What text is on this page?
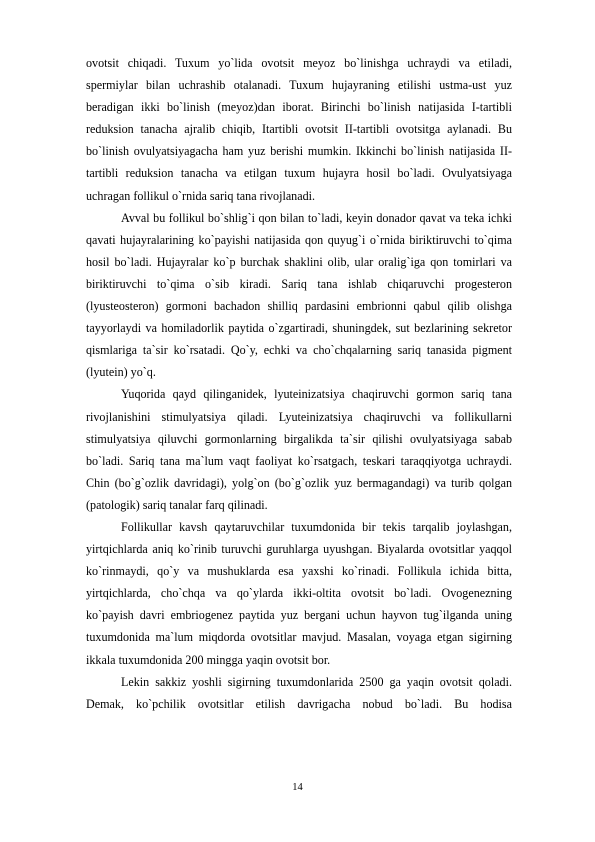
ovotsit chiqadi. Tuxum yo`lida ovotsit meyoz bo`linishga uchraydi va etiladi, spermiylar bilan uchrashib otalanadi. Tuxum hujayraning etilishi ustma-ust yuz beradigan ikki bo`linish (meyoz)dan iborat. Birinchi bo`linish natijasida I-tartibli reduksion tanacha ajralib chiqib, Itartibli ovotsit II-tartibli ovotsitga aylanadi. Bu bo`linish ovulyatsiyagacha ham yuz berishi mumkin. Ikkinchi bo`linish natijasida II-tartibli reduksion tanacha va etilgan tuxum hujayra hosil bo`ladi. Ovulyatsiyaga uchragan follikul o`rnida sariq tana rivojlanadi.

Avval bu follikul bo`shlig`i qon bilan to`ladi, keyin donador qavat va teka ichki qavati hujayralarining ko`payishi natijasida qon quyug`i o`rnida biriktiruvchi to`qima hosil bo`ladi. Hujayralar ko`p burchak shaklini olib, ular oralig`iga qon tomirlari va biriktiruvchi to`qima o`sib kiradi. Sariq tana ishlab chiqaruvchi progesteron (lyusteosteron) gormoni bachadon shilliq pardasini embrionni qabul qilib olishga tayyorlaydi va homiladorlik paytida o`zgartiradi, shuningdek, sut bezlarining sekretor qismlariga ta`sir ko`rsatadi. Qo`y, echki va cho`chqalarning sariq tanasida pigment (lyutein) yo`q.

Yuqorida qayd qilinganidek, lyuteinizatsiya chaqiruvchi gormon sariq tana rivojlanishini stimulyatsiya qiladi. Lyuteinizatsiya chaqiruvchi va follikullarni stimulyatsiya qiluvchi gormonlarning birgalikda ta`sir qilishi ovulyatsiyaga sabab bo`ladi. Sariq tana ma`lum vaqt faoliyat ko`rsatgach, teskari taraqqiyotga uchraydi. Chin (bo`g`ozlik davridagi), yolg`on (bo`g`ozlik yuz bermagandagi) va turib qolgan (patologik) sariq tanalar farq qilinadi.

Follikullar kavsh qaytaruvchilar tuxumdonida bir tekis tarqalib joylashgan, yirtqichlarda aniq ko`rinib turuvchi guruhlarga uyushgan. Biyalarda ovotsitlar yaqqol ko`rinmaydi, qo`y va mushuklarda esa yaxshi ko`rinadi. Follikula ichida bitta, yirtqichlarda, cho`chqa va qo`ylarda ikki-oltita ovotsit bo`ladi. Ovogenezning ko`payish davri embriogenez paytida yuz bergani uchun hayvon tug`ilganda uning tuxumdonida ma`lum miqdorda ovotsitlar mavjud. Masalan, voyaga etgan sigirning ikkala tuxumdonida 200 mingga yaqin ovotsit bor.

Lekin sakkiz yoshli sigirning tuxumdonlarida 2500 ga yaqin ovotsit qoladi. Demak, ko`pchilik ovotsitlar etilish davrigacha nobud bo`ladi. Bu hodisa

14
